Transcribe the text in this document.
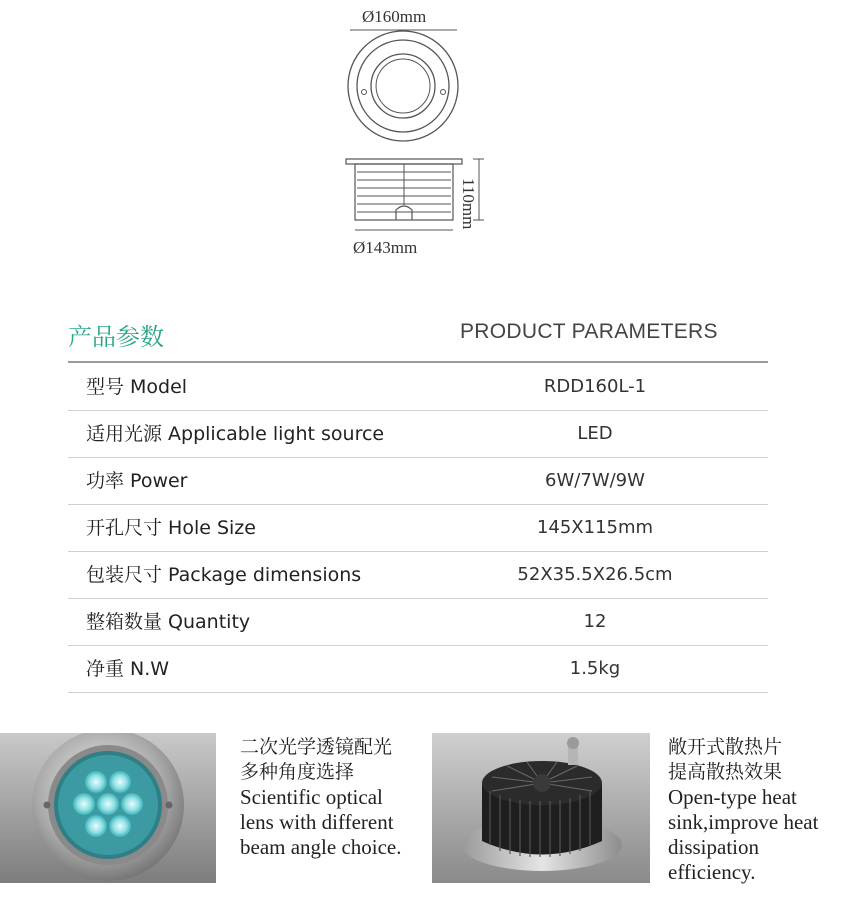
Ø160mm
110mm
Ø143mm
产品参数	PRODUCT PARAMETERS
型号 Model	RDD160L-1
适用光源 Applicable light source	LED
功率 Power	6W/7W/9W
开孔尺寸 Hole Size	145X115mm
包装尺寸 Package dimensions	52X35.5X26.5cm
整箱数量 Quantity	12
净重 N.W	1.5kg
二次光学透镜配光
多种角度选择
Scientific optical
lens with different
beam angle choice.
敞开式散热片
提高散热效果
Open-type heat
sink,improve heat
dissipation
efficiency.
